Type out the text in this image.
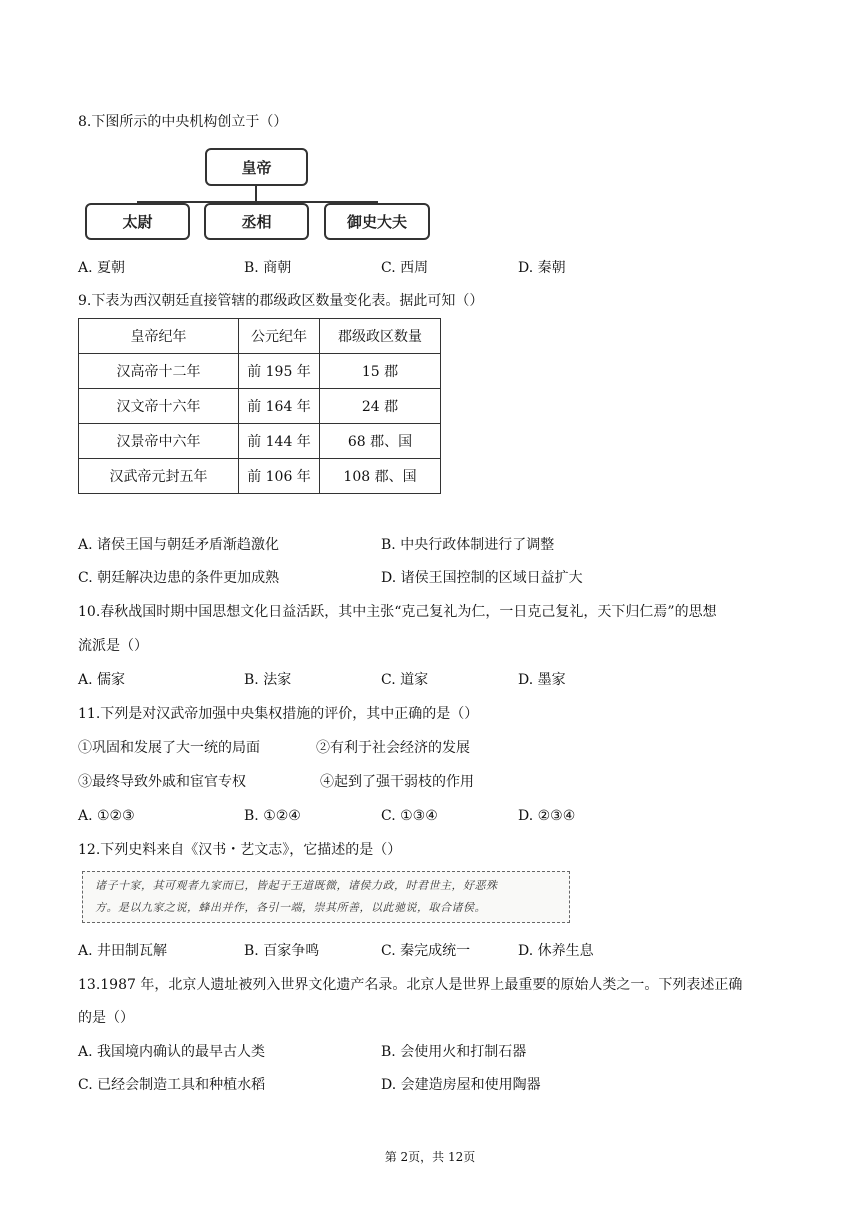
8.下图所示的中央机构创立于（）
皇帝
太尉	丞相	御史大夫
A. 夏朝	B. 商朝	C. 西周	D. 秦朝
9.下表为西汉朝廷直接管辖的郡级政区数量变化表。据此可知（）
皇帝纪年	公元纪年	郡级政区数量
汉高帝十二年	前 195 年	15 郡
汉文帝十六年	前 164 年	24 郡
汉景帝中六年	前 144 年	68 郡、国
汉武帝元封五年	前 106 年	108 郡、国
A. 诸侯王国与朝廷矛盾渐趋激化	B. 中央行政体制进行了调整
C. 朝廷解决边患的条件更加成熟	D. 诸侯王国控制的区域日益扩大
10.春秋战国时期中国思想文化日益活跃，其中主张“克己复礼为仁，一日克己复礼，天下归仁焉”的思想
流派是（）
A. 儒家	B. 法家	C. 道家	D. 墨家
11.下列是对汉武帝加强中央集权措施的评价，其中正确的是（）
①巩固和发展了大一统的局面	②有利于社会经济的发展
③最终导致外戚和宦官专权	④起到了强干弱枝的作用
A. ①②③	B. ①②④	C. ①③④	D. ②③④
12.下列史料来自《汉书・艺文志》，它描述的是（）
诸子十家，其可观者九家而已，皆起于王道既微，诸侯力政，时君世主，好恶殊
方。是以九家之说，蜂出并作，各引一端，崇其所善，以此驰说，取合诸侯。
A. 井田制瓦解	B. 百家争鸣	C. 秦完成统一	D. 休养生息
13.1987 年，北京人遗址被列入世界文化遗产名录。北京人是世界上最重要的原始人类之一。下列表述正确
的是（）
A. 我国境内确认的最早古人类	B. 会使用火和打制石器
C. 已经会制造工具和种植水稻	D. 会建造房屋和使用陶器
第 2页，共 12页
